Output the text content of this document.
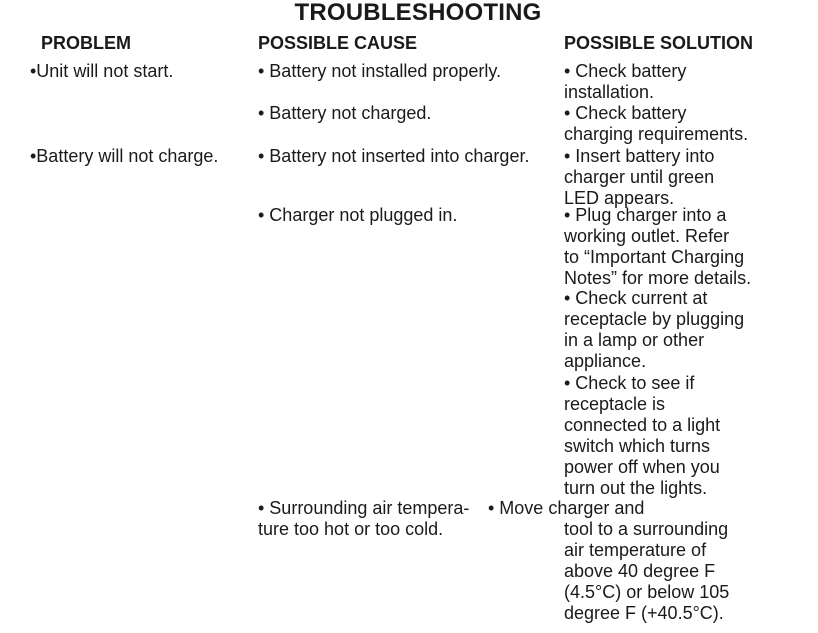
TROUBLESHOOTING
PROBLEM	POSSIBLE CAUSE	POSSIBLE SOLUTION
•Unit will not start.
•Battery will not charge.
• Battery not installed properly.
• Battery not charged.
• Battery not inserted into charger.
• Charger not plugged in.
• Surrounding air tempera-
ture too hot or too cold.
• Check battery
installation.
• Check battery
charging requirements.
• Insert battery into
charger until green
LED appears.
• Plug charger into a
working outlet. Refer
to “Important Charging
Notes” for more details.
• Check current at
receptacle by plugging
in a lamp or other
appliance.
• Check to see if
receptacle is
connected to a light
switch which turns
power off when you
turn out the lights.
• Move charger and
tool to a surrounding
air temperature of
above 40 degree F
(4.5°C) or below 105
degree F (+40.5°C).
